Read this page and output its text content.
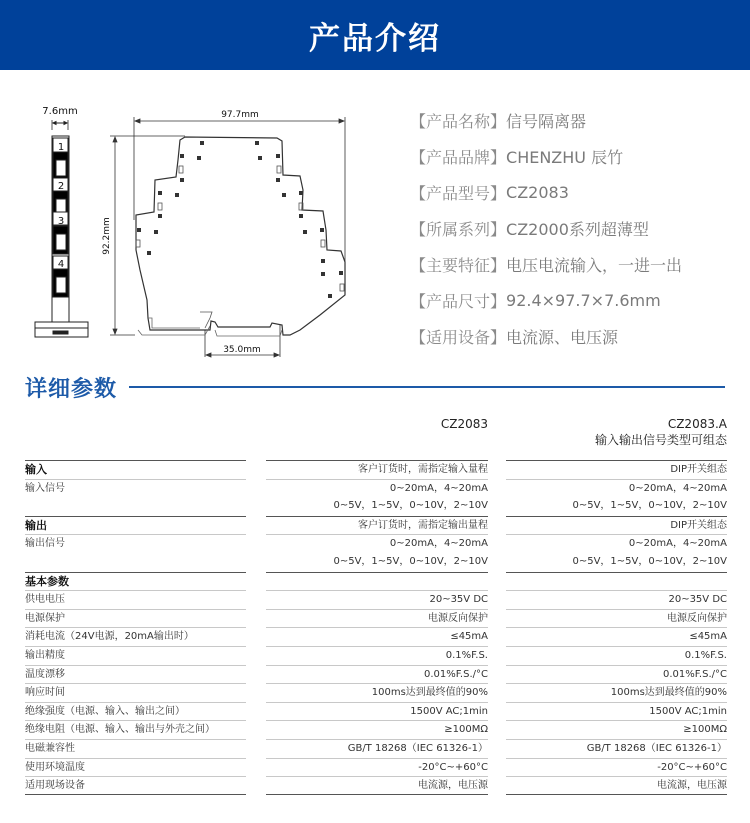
产品介绍
7.6mm
1
2
3
4
97.7mm
35.0mm
92.2mm
【产品名称】 信号隔离器
【产品品牌】 CHENZHU 辰竹
【产品型号】 CZ2083
【所属系列】 CZ2000系列超薄型
【主要特征】 电压电流输入，一进一出
【产品尺寸】 92.4×97.7×7.6mm
【适用设备】 电流源、电压源
详细参数
CZ2083	CZ2083.A
输入输出信号类型可组态
输入
输入信号
输出
输出信号
基本参数
供电电压
电源保护
消耗电流（24V电源，20mA输出时）
输出精度
温度漂移
响应时间
绝缘强度（电源、输入、输出之间）
绝缘电阻（电源、输入、输出与外壳之间）
电磁兼容性
使用环境温度
适用现场设备
客户订货时，需指定输入量程
0~20mA，4~20mA
0~5V，1~5V，0~10V，2~10V
客户订货时，需指定输出量程
0~20mA，4~20mA
0~5V，1~5V，0~10V，2~10V
20~35V DC
电源反向保护
≤45mA
0.1%F.S.
0.01%F.S./°C
100ms达到最终值的90%
1500V AC;1min
≥100MΩ
GB/T 18268（IEC 61326-1）
-20°C~+60°C
电流源，电压源
DIP开关组态
0~20mA，4~20mA
0~5V，1~5V，0~10V，2~10V
DIP开关组态
0~20mA，4~20mA
0~5V，1~5V，0~10V，2~10V
20~35V DC
电源反向保护
≤45mA
0.1%F.S.
0.01%F.S./°C
100ms达到最终值的90%
1500V AC;1min
≥100MΩ
GB/T 18268（IEC 61326-1）
-20°C~+60°C
电流源，电压源
